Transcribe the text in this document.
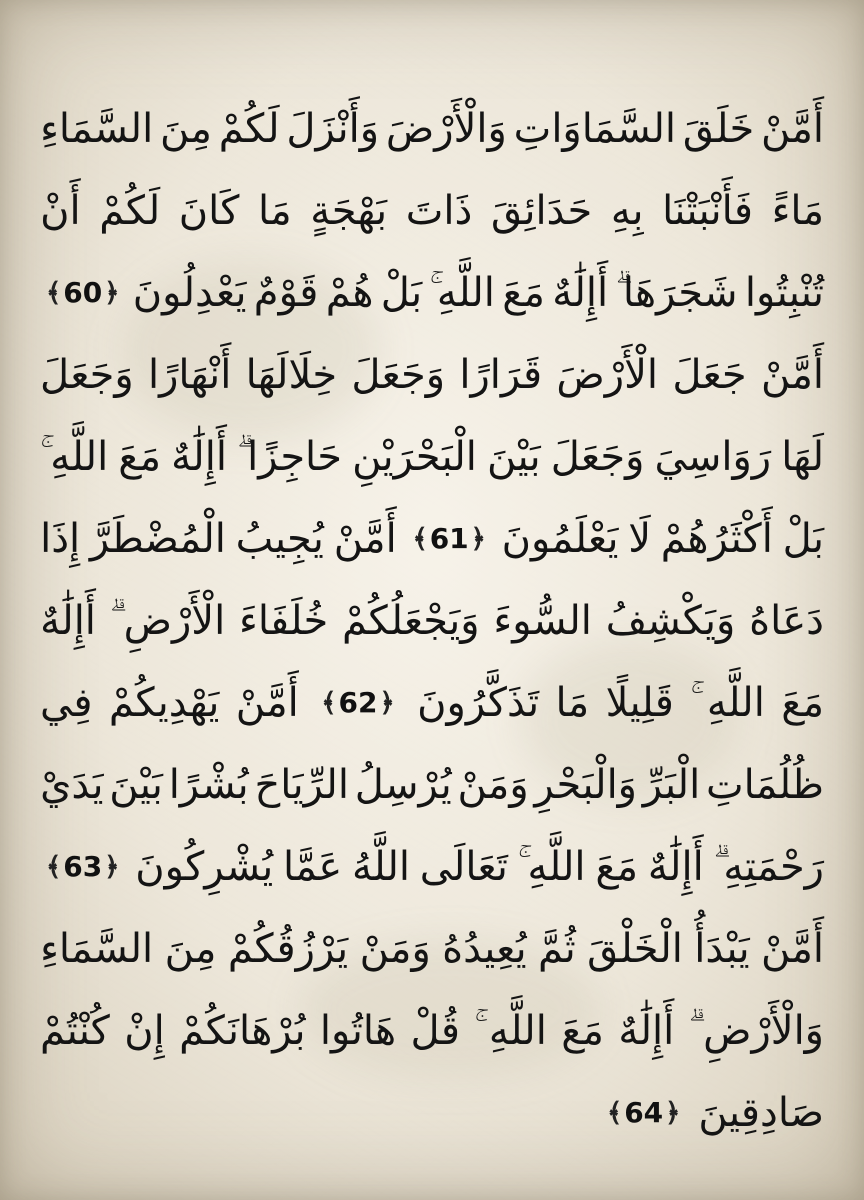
أَمَّنْ
خَلَقَ
السَّمَاوَاتِ
وَالْأَرْضَ
وَأَنْزَلَ
لَكُمْ
مِنَ
السَّمَاءِ
مَاءً
فَأَنْبَتْنَا
بِهِ
حَدَائِقَ
ذَاتَ
بَهْجَةٍ
مَا
كَانَ
لَكُمْ
أَنْ
تُنْبِتُوا
شَجَرَهَا
أَإِلَٰهٌ
مَعَ
اللَّهِ
بَلْ
هُمْ
قَوْمٌ
يَعْدِلُونَ
﴾ 60 ﴿
أَمَّنْ
جَعَلَ
الْأَرْضَ
قَرَارًا
وَجَعَلَ
خِلَالَهَا
أَنْهَارًا
وَجَعَلَ
لَهَا
رَوَاسِيَ
وَجَعَلَ
بَيْنَ
الْبَحْرَيْنِ
حَاجِزًا
أَإِلَٰهٌ
مَعَ
اللَّهِ
بَلْ
أَكْثَرُهُمْ
لَا
يَعْلَمُونَ
﴾ 61 ﴿
أَمَّنْ
يُجِيبُ
الْمُضْطَرَّ
إِذَا
دَعَاهُ
وَيَكْشِفُ
السُّوءَ
وَيَجْعَلُكُمْ
خُلَفَاءَ
الْأَرْضِ
أَإِلَٰهٌ
مَعَ
اللَّهِ
قَلِيلًا
مَا
تَذَكَّرُونَ
﴾ 62 ﴿
أَمَّنْ
يَهْدِيكُمْ
فِي
ظُلُمَاتِ
الْبَرِّ
وَالْبَحْرِ
وَمَنْ
يُرْسِلُ
الرِّيَاحَ
بُشْرًا
بَيْنَ
يَدَيْ
رَحْمَتِهِ
أَإِلَٰهٌ
مَعَ
اللَّهِ
تَعَالَى
اللَّهُ
عَمَّا
يُشْرِكُونَ
﴾ 63 ﴿
أَمَّنْ
يَبْدَأُ
الْخَلْقَ
ثُمَّ
يُعِيدُهُ
وَمَنْ
يَرْزُقُكُمْ
مِنَ
السَّمَاءِ
وَالْأَرْضِ
أَإِلَٰهٌ
مَعَ
اللَّهِ
قُلْ
هَاتُوا
بُرْهَانَكُمْ
إِنْ
كُنْتُمْ
صَادِقِينَ
﴾ 64 ﴿
